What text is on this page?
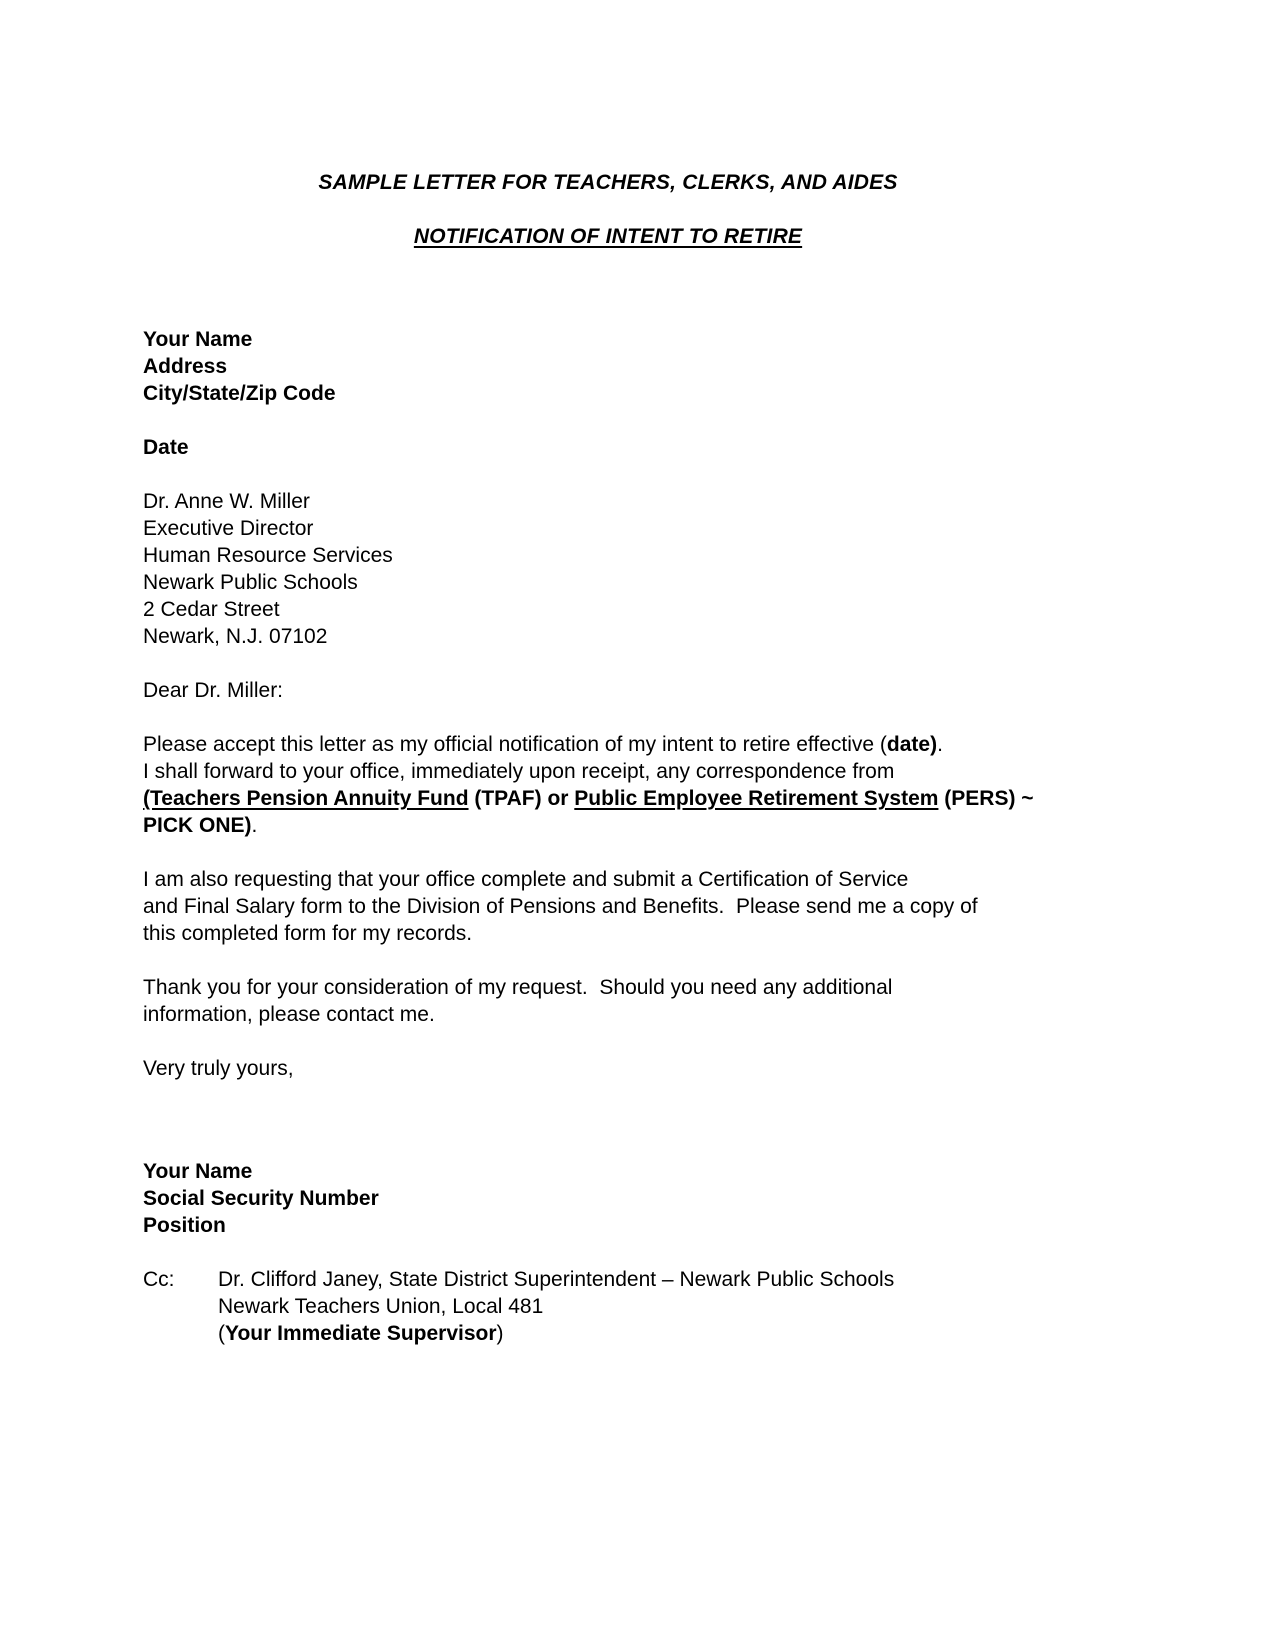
SAMPLE LETTER FOR TEACHERS, CLERKS, AND AIDES
NOTIFICATION OF INTENT TO RETIRE
Your Name
Address
City/State/Zip Code
Date
Dr. Anne W. Miller
Executive Director
Human Resource Services
Newark Public Schools
2 Cedar Street
Newark, N.J. 07102
Dear Dr. Miller:
Please accept this letter as my official notification of my intent to retire effective (date).
I shall forward to your office, immediately upon receipt, any correspondence from
(Teachers Pension Annuity Fund (TPAF) or Public Employee Retirement System (PERS) ~
PICK ONE).
I am also requesting that your office complete and submit a Certification of Service
and Final Salary form to the Division of Pensions and Benefits.  Please send me a copy of
this completed form for my records.
Thank you for your consideration of my request.  Should you need any additional
information, please contact me.
Very truly yours,
Your Name
Social Security Number
Position
Cc:	Dr. Clifford Janey, State District Superintendent – Newark Public Schools
Newark Teachers Union, Local 481
(Your Immediate Supervisor)
